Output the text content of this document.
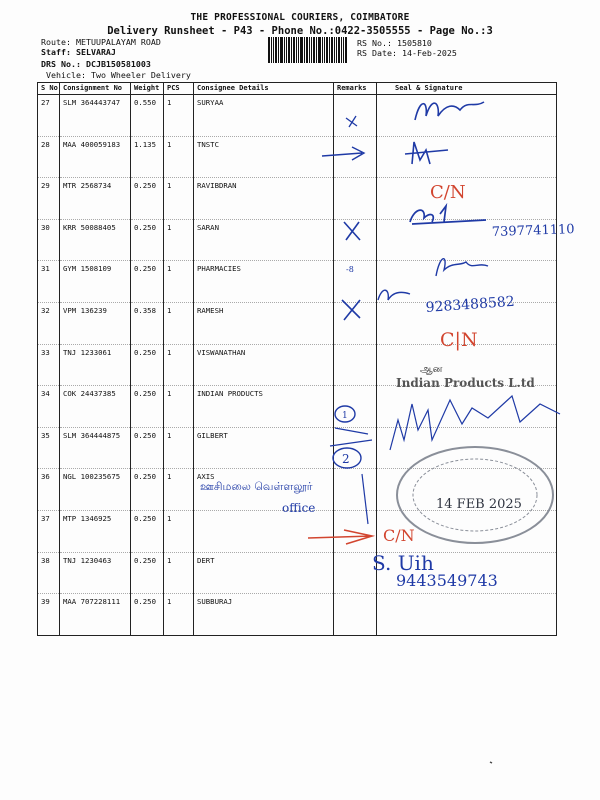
THE PROFESSIONAL COURIERS, COIMBATORE
Delivery Runsheet - P43 - Phone No.:0422-3505555 - Page No.:3
Route: METUUPALAYAM ROAD
Staff: SELVARAJ
DRS No.: DCJB150581003
Vehicle: Two Wheeler Delivery
RS No.: 1505810
RS Date: 14-Feb-2025
S No	Consignment No	Weight	PCS	Consignee Details	Remarks	Seal & Signature
27	SLM 364443747	0.550	1	SURYAA		
28	MAA 400059183	1.135	1	TNSTC		
29	MTR 2568734	0.250	1	RAVIBDRAN		
30	KRR 50088405	0.250	1	SARAN		
31	GYM 1508109	0.250	1	PHARMACIES		
32	VPM 136239	0.358	1	RAMESH		
33	TNJ 1233061	0.250	1	VISWANATHAN		
34	COK 24437385	0.250	1	INDIAN PRODUCTS		
35	SLM 364444875	0.250	1	GILBERT		
36	NGL 100235675	0.250	1	AXIS		
37	MTP 1346925	0.250	1			
38	TNJ 1230463	0.250	1	DERT		
39	MAA 707228111	0.250	1	SUBBURAJ		
C/N
7397741110
-8
9283488582
C|N
ஆன
Indian Products L.td
1
2
14 FEB 2025
ஊசிமலை வெள்ளலூர்
office
C/N
S. Uih
9443549743
